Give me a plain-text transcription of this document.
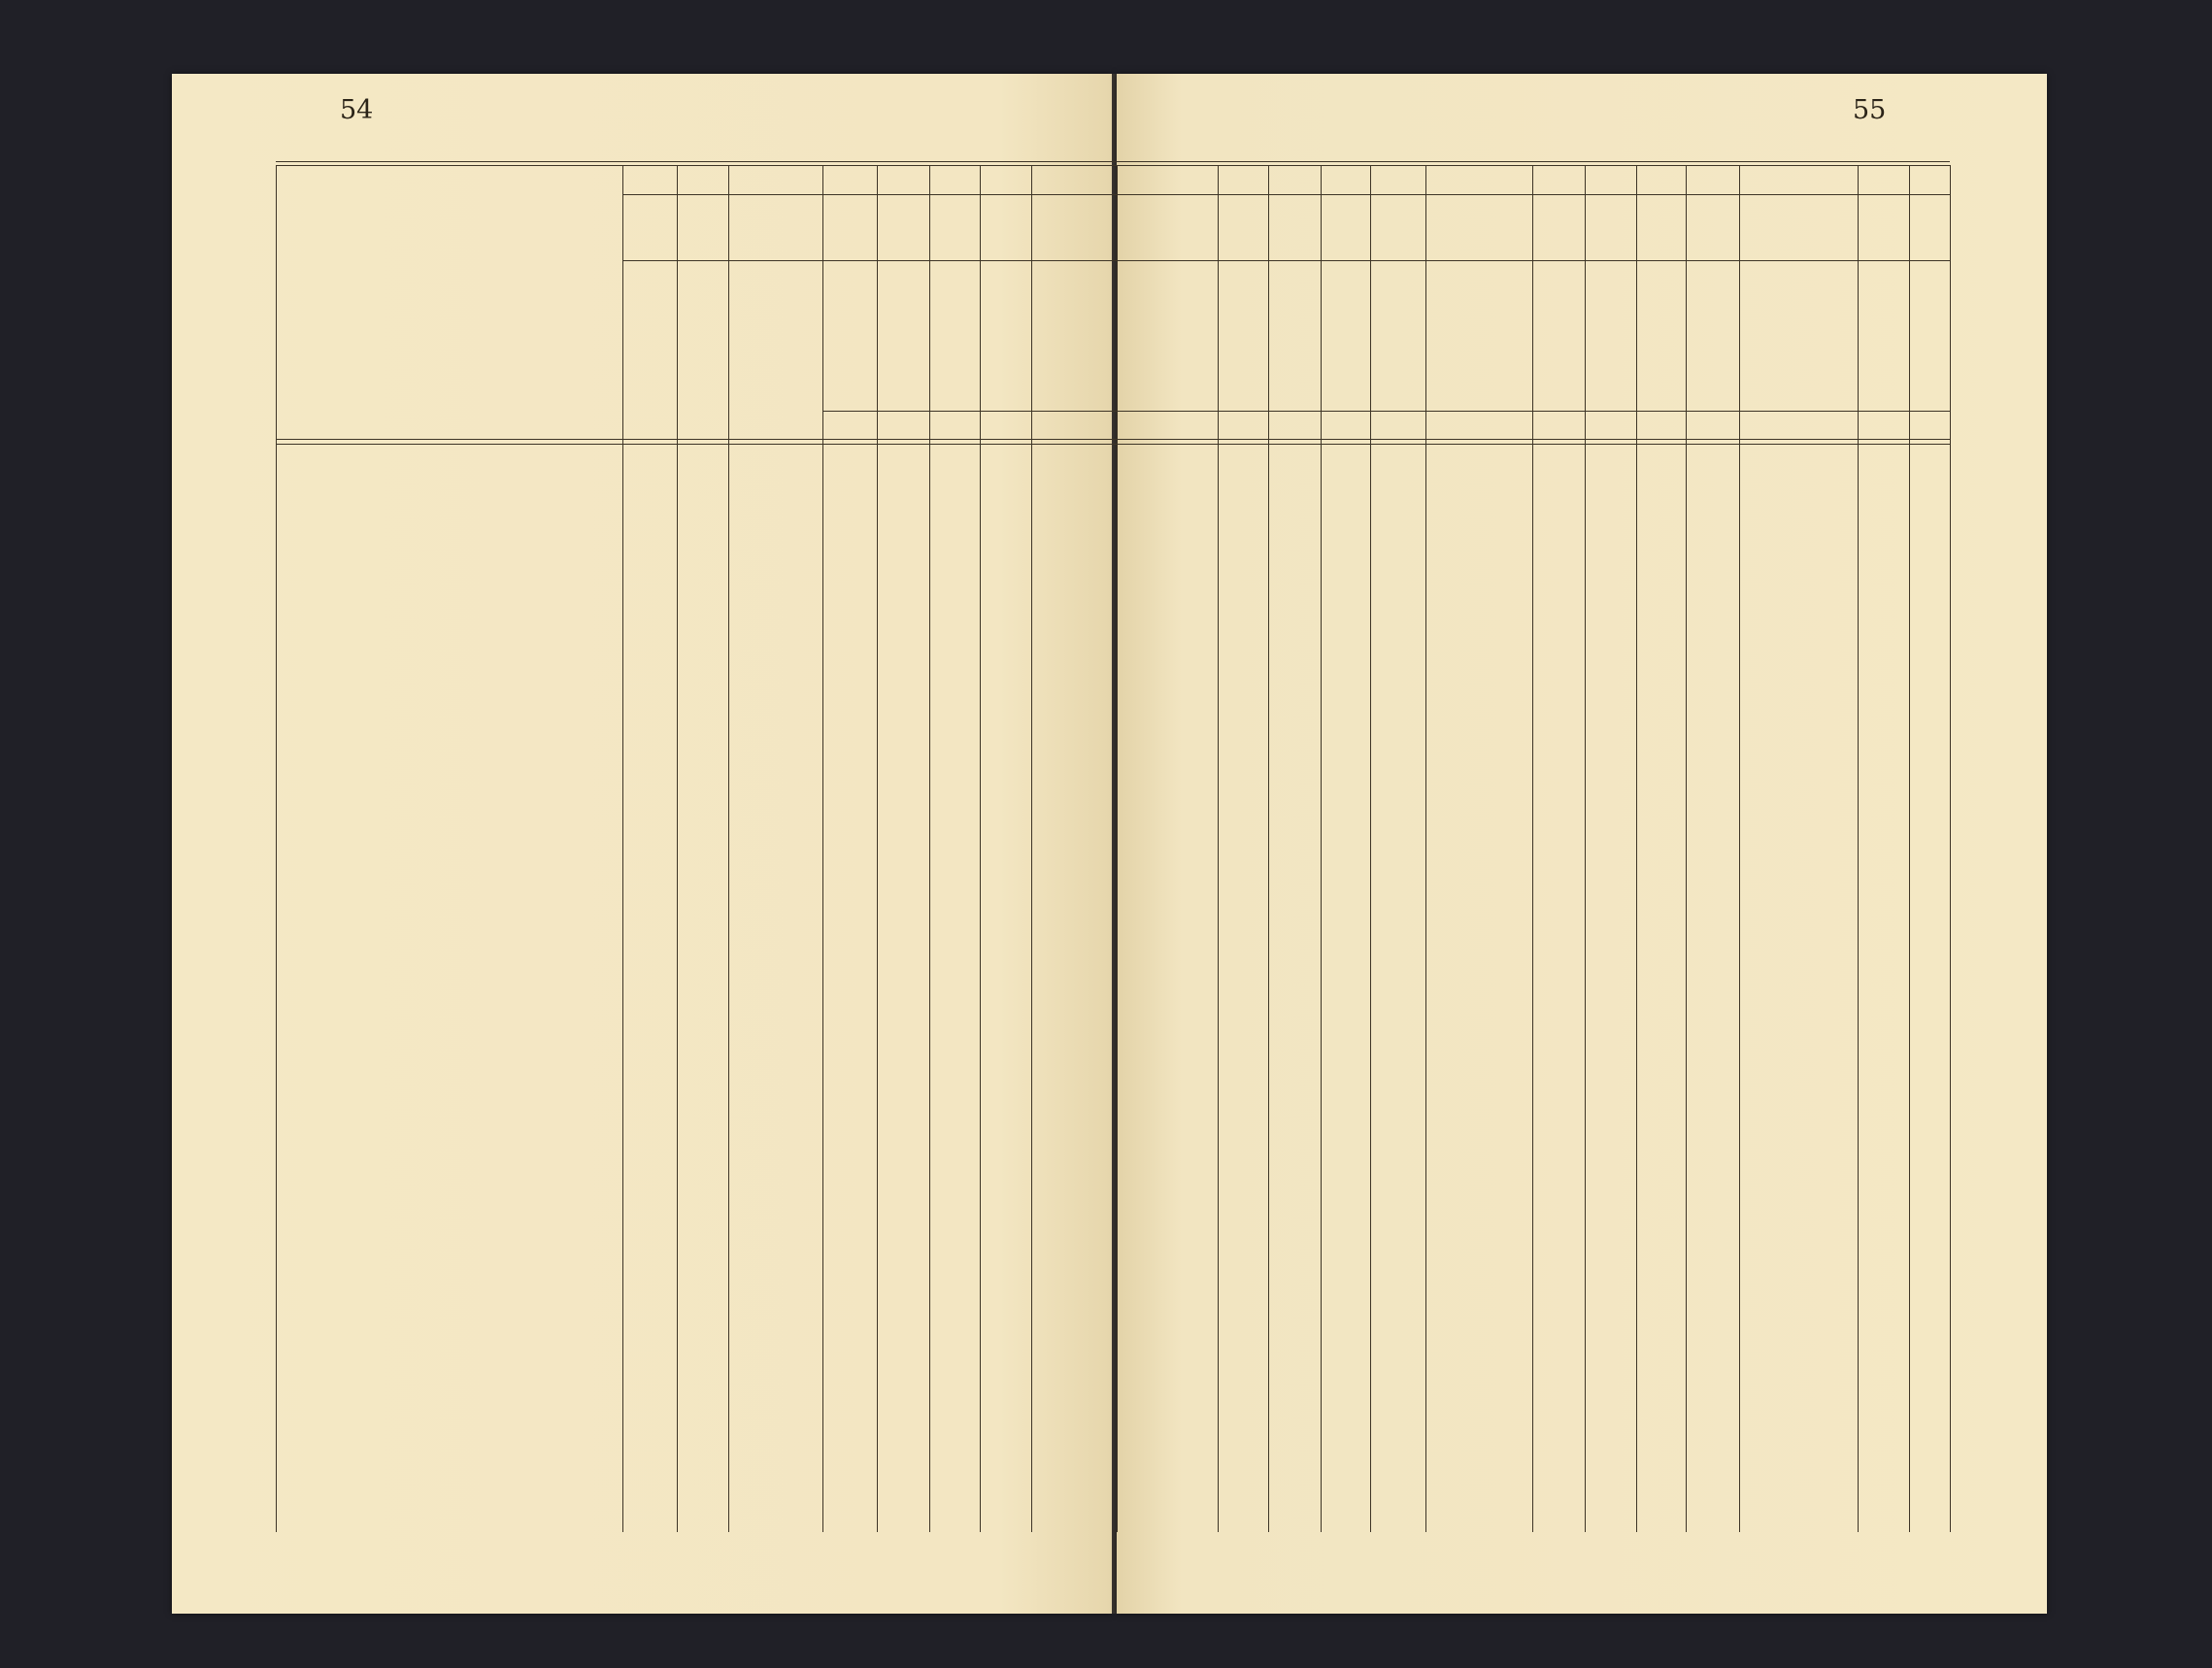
54	55
